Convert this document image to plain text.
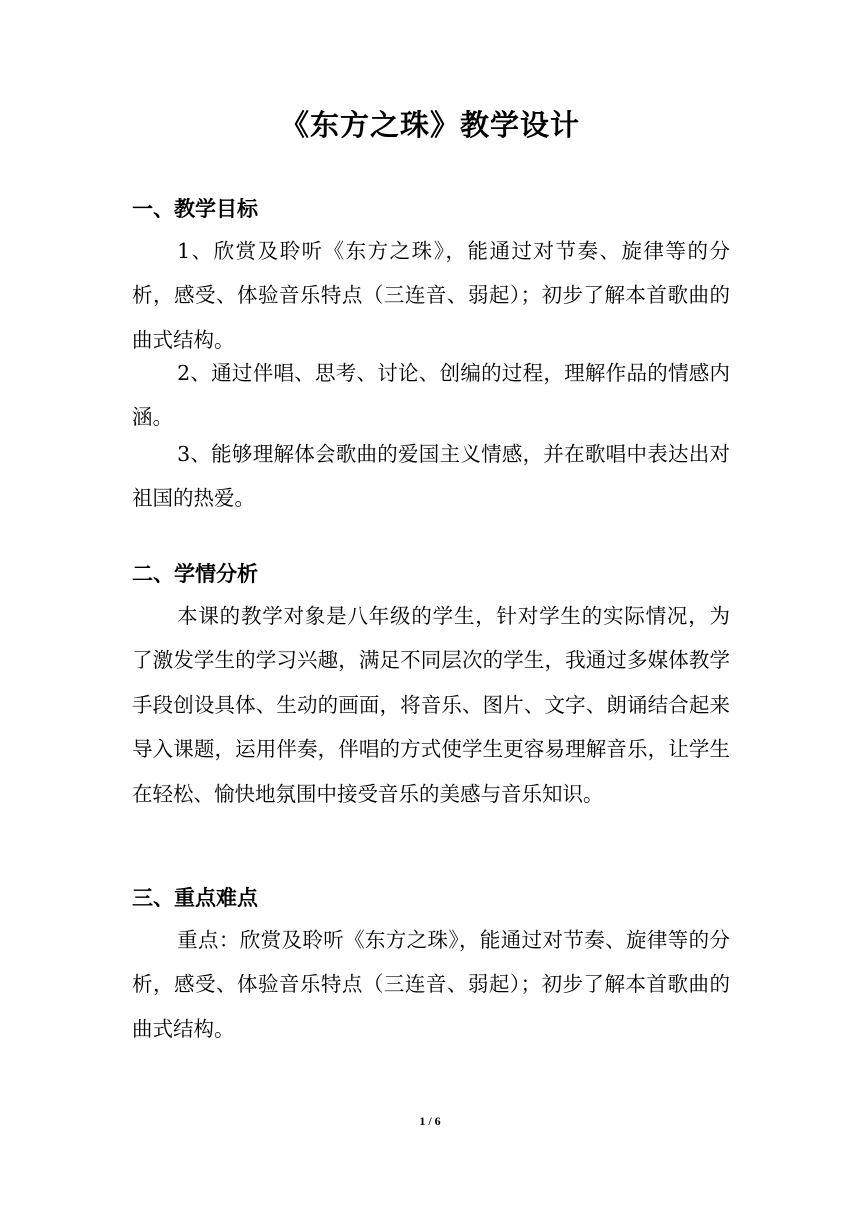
《东方之珠》教学设计
一、教学目标
1、欣赏及聆听《东方之珠》，能通过对节奏、旋律等的分析，感受、体验音乐特点（三连音、弱起）；初步了解本首歌曲的曲式结构。
2、通过伴唱、思考、讨论、创编的过程，理解作品的情感内涵。
3、能够理解体会歌曲的爱国主义情感，并在歌唱中表达出对祖国的热爱。
二、学情分析
本课的教学对象是八年级的学生，针对学生的实际情况，为了激发学生的学习兴趣，满足不同层次的学生，我通过多媒体教学手段创设具体、生动的画面，将音乐、图片、文字、朗诵结合起来导入课题，运用伴奏，伴唱的方式使学生更容易理解音乐，让学生在轻松、愉快地氛围中接受音乐的美感与音乐知识。
三、重点难点
重点：欣赏及聆听《东方之珠》，能通过对节奏、旋律等的分析，感受、体验音乐特点（三连音、弱起）；初步了解本首歌曲的曲式结构。
1 / 6
